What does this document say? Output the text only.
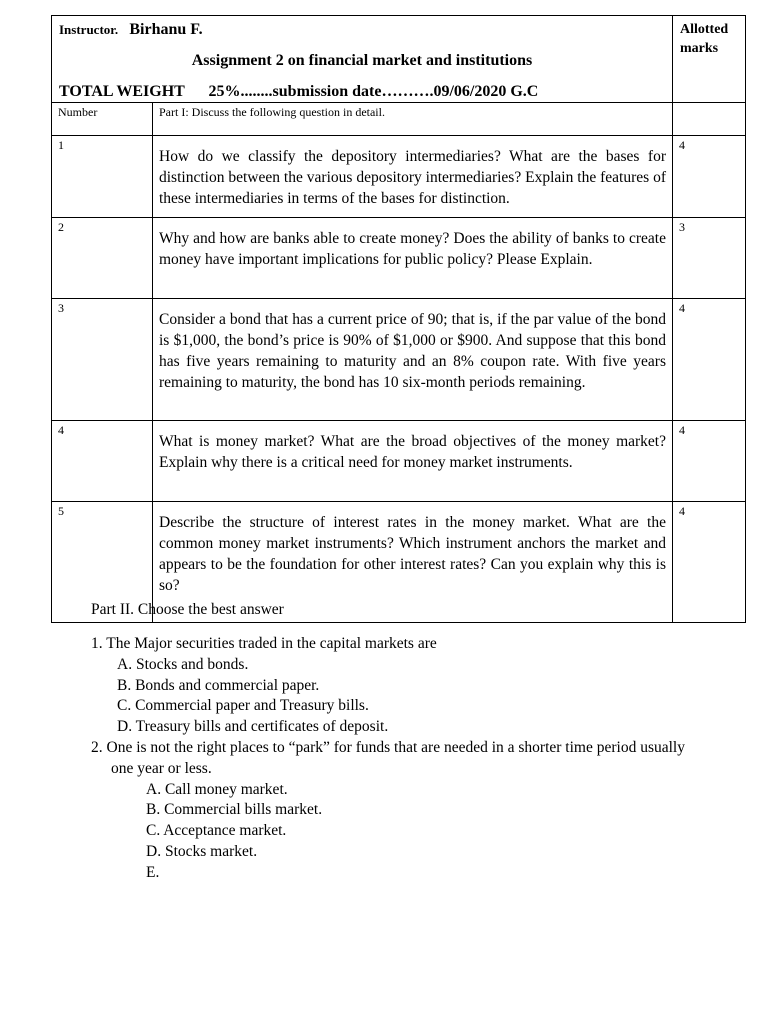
Instructor. Birhanu F.
Assignment 2 on financial market and institutions
TOTAL WEIGHT      25%........submission date……….09/06/2020 G.C		Allotted marks
Number	Part I: Discuss the following question in detail.	
1	How do we classify the depository intermediaries? What are the bases for distinction between the various depository intermediaries? Explain the features of these intermediaries in terms of the bases for distinction.	4
2	Why and how are banks able to create money? Does the ability of banks to create money have important implications for public policy? Please Explain.	3
3	Consider a bond that has a current price of 90; that is, if the par value of the bond is $1,000, the bond’s price is 90% of $1,000 or $900. And suppose that this bond has five years remaining to maturity and an 8% coupon rate. With five years remaining to maturity, the bond has 10 six-month periods remaining.	4
4	What is money market? What are the broad objectives of the money market? Explain why there is a critical need for money market instruments.	4
5	Describe the structure of interest rates in the money market. What are the common money market instruments? Which instrument anchors the market and appears to be the foundation for other interest rates? Can you explain why this is so?	4
Part II. Choose the best answer
1. The Major securities traded in the capital markets are
A. Stocks and bonds.
B. Bonds and commercial paper.
C. Commercial paper and Treasury bills.
D. Treasury bills and certificates of deposit.
2. One is not the right places to “park” for funds that are needed in a shorter time period usually one year or less.
A. Call money market.
B. Commercial bills market.
C. Acceptance market.
D. Stocks market.
E.
